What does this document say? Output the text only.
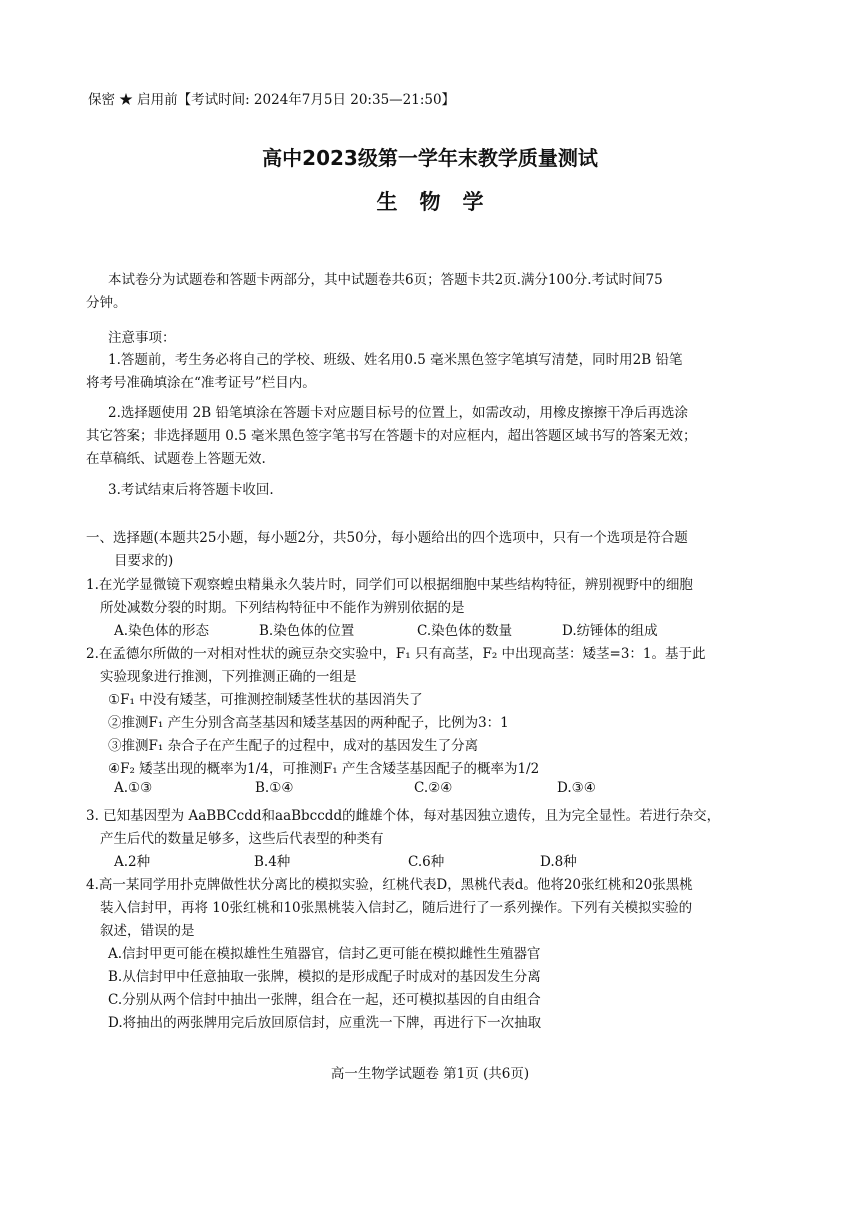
保密 ★ 启用前【考试时间: 2024年7月5日 20:35—21:50】
高中2023级第一学年末教学质量测试
生物学
本试卷分为试题卷和答题卡两部分，其中试题卷共6页；答题卡共2页.满分100分.考试时间75
分钟。
注意事项：
1.答题前，考生务必将自己的学校、班级、姓名用0.5 毫米黑色签字笔填写清楚，同时用2B 铅笔
将考号准确填涂在“准考证号”栏目内。
2.选择题使用 2B 铅笔填涂在答题卡对应题目标号的位置上，如需改动，用橡皮擦擦干净后再选涂
其它答案；非选择题用 0.5 毫米黑色签字笔书写在答题卡的对应框内，超出答题区域书写的答案无效；
在草稿纸、试题卷上答题无效.
3.考试结束后将答题卡收回.
一、选择题(本题共25小题，每小题2分，共50分，每小题给出的四个选项中，只有一个选项是符合题
目要求的)
1.在光学显微镜下观察蝗虫精巢永久装片时，同学们可以根据细胞中某些结构特征，辨别视野中的细胞
所处减数分裂的时期。下列结构特征中不能作为辨别依据的是
A.染色体的形态	B.染色体的位置	C.染色体的数量	D.纺锤体的组成
2.在孟德尔所做的一对相对性状的豌豆杂交实验中，F₁ 只有高茎，F₂ 中出现高茎：矮茎=3：1。基于此
实验现象进行推测，下列推测正确的一组是
①F₁ 中没有矮茎，可推测控制矮茎性状的基因消失了
②推测F₁ 产生分别含高茎基因和矮茎基因的两种配子，比例为3：1
③推测F₁ 杂合子在产生配子的过程中，成对的基因发生了分离
④F₂ 矮茎出现的概率为1/4，可推测F₁ 产生含矮茎基因配子的概率为1/2
A.①③	B.①④	C.②④	D.③④
3. 已知基因型为 AaBBCcdd和aaBbccdd的雌雄个体，每对基因独立遗传，且为完全显性。若进行杂交，
产生后代的数量足够多，这些后代表型的种类有
A.2种	B.4种	C.6种	D.8种
4.高一某同学用扑克牌做性状分离比的模拟实验，红桃代表D，黑桃代表d。他将20张红桃和20张黑桃
装入信封甲，再将 10张红桃和10张黑桃装入信封乙，随后进行了一系列操作。下列有关模拟实验的
叙述，错误的是
A.信封甲更可能在模拟雄性生殖器官，信封乙更可能在模拟雌性生殖器官
B.从信封甲中任意抽取一张牌，模拟的是形成配子时成对的基因发生分离
C.分别从两个信封中抽出一张牌，组合在一起，还可模拟基因的自由组合
D.将抽出的两张牌用完后放回原信封，应重洗一下牌，再进行下一次抽取
高一生物学试题卷 第1页 (共6页)
